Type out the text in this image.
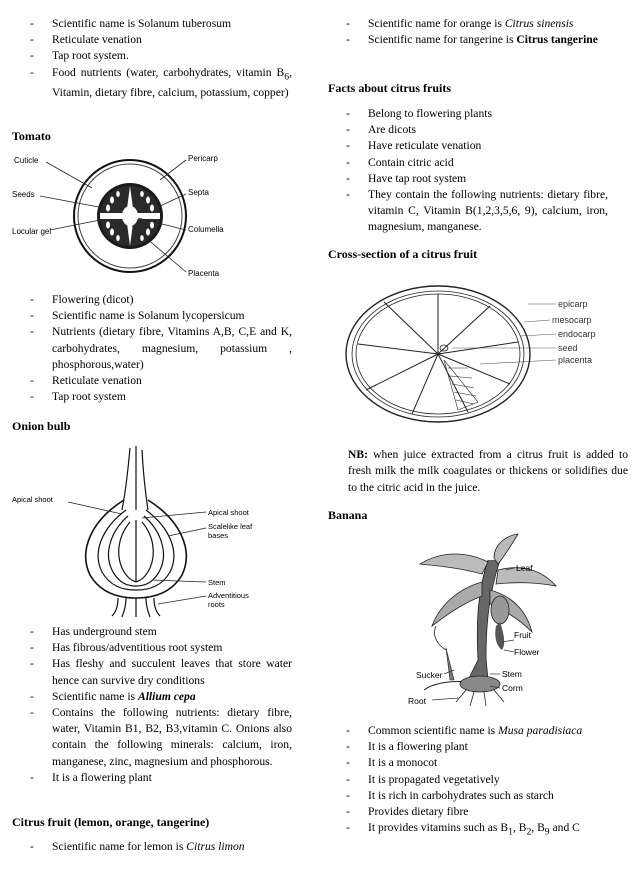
- Scientific name is Solanum tuberosum
- Reticulate venation
- Tap root system.
- Food nutrients (water, carbohydrates, vitamin $B_6$, Vitamin, dietary fibre, calcium, potassium, copper)
Tomato
Cuticle	Pericarp
Seeds	Septa
Locular gel	Columella
Placenta
- Flowering (dicot)
- Scientific name is Solanum lycopersicum
- Nutrients (dietary fibre, Vitamins A,B, C,E and K, carbohydrates, magnesium, potassium , phosphorous,water)
- Reticulate venation
- Tap root system
Onion bulb
Apical shoot
Apical shoot
Scalelike leaf
bases
Stem
Adventitious
roots
- Has underground stem
- Has fibrous/adventitious root system
- Has fleshy and succulent leaves that store water hence can survive dry conditions
- Scientific name is Allium cepa
- Contains the following nutrients: dietary fibre, water, Vitamin B1, B2, B3,vitamin C. Onions also contain the following minerals: calcium, iron, manganese, zinc, magnesium and phosphorous.
- It is a flowering plant
Citrus fruit (lemon, orange, tangerine)
- Scientific name for lemon is Citrus limon
- Scientific name for orange is Citrus sinensis
- Scientific name for tangerine is Citrus tangerine
Facts about citrus fruits
- Belong to flowering plants
- Are dicots
- Have reticulate venation
- Contain citric acid
- Have tap root system
- They contain the following nutrients: dietary fibre, vitamin C, Vitamin B(1,2,3,5,6, 9), calcium, iron, magnesium, manganese.
Cross-section of a citrus fruit
epicarp
mesocarp
endocarp
seed
placenta
NB: when juice extracted from a citrus fruit is added to fresh milk the milk coagulates or thickens or solidifies due to the citric acid in the juice.
Banana
Leaf
Fruit
Flower
Sucker	Stem
Corm
Root
- Common scientific name is Musa paradisiaca
- It is a flowering plant
- It is a monocot
- It is propagated vegetatively
- It is rich in carbohydrates such as starch
- Provides dietary fibre
- It provides vitamins such as $B_1$, $B_2$, $B_9$ and C
